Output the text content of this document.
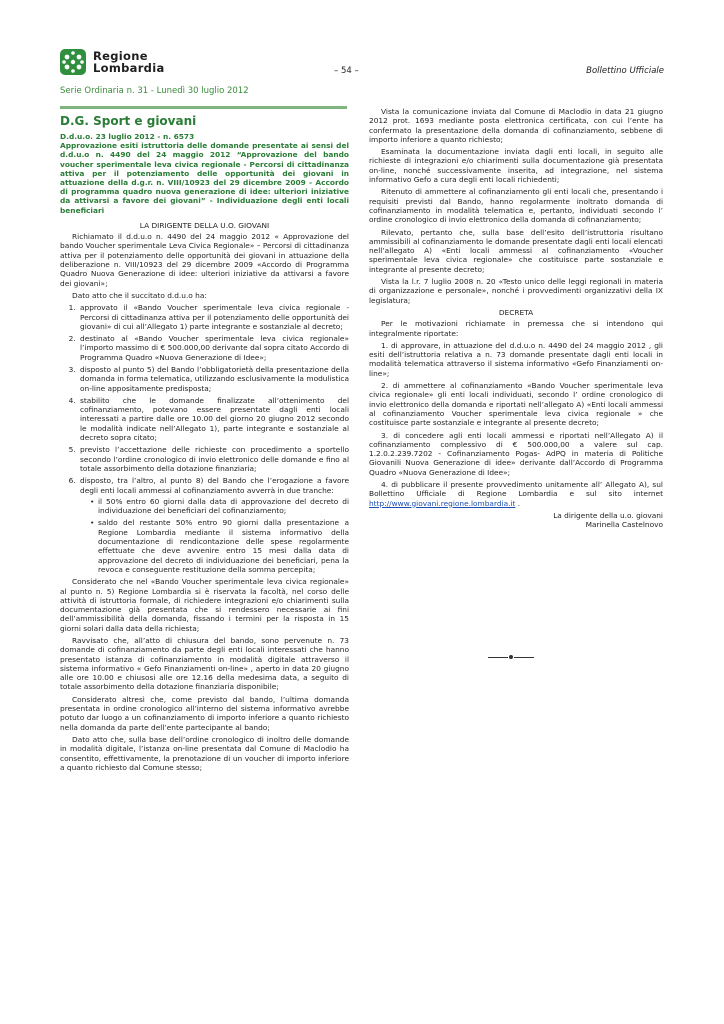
Regione
Lombardia	– 54 –	Bollettino Ufficiale
Serie Ordinaria n. 31 - Lunedì 30 luglio 2012
D.G. Sport e giovani
D.d.u.o. 23 luglio 2012 - n. 6573
Approvazione esiti istruttoria delle domande presentate ai sensi del d.d.u.o n. 4490 del 24 maggio 2012 “Approvazione del bando voucher sperimentale leva civica regionale - Percorsi di cittadinanza attiva per il potenziamento delle opportunità dei giovani in attuazione della d.g.r. n. VIII/10923 del 29 dicembre 2009 - Accordo di programma quadro nuova generazione di idee: ulteriori iniziative da attivarsi a favore dei giovani” - Individuazione degli enti locali beneficiari
LA DIRIGENTE DELLA U.O. GIOVANI

Richiamato il d.d.u.o n. 4490 del 24 maggio 2012 « Approvazione del bando Voucher sperimentale Leva Civica Regionale» – Percorsi di cittadinanza attiva per il potenziamento delle opportunità dei giovani in attuazione della deliberazione n. VIII/10923 del 29 dicembre 2009 «Accordo di Programma Quadro Nuova Generazione di idee: ulteriori iniziative da attivarsi a favore dei giovani»;

Dato atto che il succitato d.d.u.o ha:

1. approvato il «Bando Voucher sperimentale leva civica regionale - Percorsi di cittadinanza attiva per il potenziamento delle opportunità dei giovani» di cui all’Allegato 1) parte integrante e sostanziale al decreto;
2. destinato al «Bando Voucher sperimentale leva civica regionale» l’importo massimo di € 500.000,00 derivante dal sopra citato Accordo di Programma Quadro «Nuova Generazione di Idee»;
3. disposto al punto 5) del Bando l’obbligatorietà della presentazione della domanda in forma telematica, utilizzando esclusivamente la modulistica on-line appositamente predisposta;
4. stabilito che le domande finalizzate all’ottenimento del cofinanziamento, potevano essere presentate dagli enti locali interessati a partire dalle ore 10.00 del giorno 20 giugno 2012 secondo le modalità indicate nell’Allegato 1), parte integrante e sostanziale al decreto sopra citato;
5. previsto l’accettazione delle richieste con procedimento a sportello secondo l’ordine cronologico di invio elettronico delle domande e fino al totale assorbimento della dotazione finanziaria;
6. disposto, tra l’altro, al punto 8) del Bando che l’erogazione a favore degli enti locali ammessi al cofinanziamento avverrà in due tranche:
• il 50% entro 60 giorni dalla data di approvazione del decreto di individuazione dei beneficiari del cofinanziamento;
• saldo del restante 50% entro 90 giorni dalla presentazione a Regione Lombardia mediante il sistema informativo della documentazione di rendicontazione delle spese regolarmente effettuate che deve avvenire entro 15 mesi dalla data di approvazione del decreto di individuazione dei beneficiari, pena la revoca e conseguente restituzione della somma percepita;

Considerato che nel «Bando Voucher sperimentale leva civica regionale» al punto n. 5) Regione Lombardia si è riservata la facoltà, nel corso delle attività di istruttoria formale, di richiedere integrazioni e/o chiarimenti sulla documentazione già presentata che si rendessero necessarie ai fini dell’ammissibilità della domanda, fissando i termini per la risposta in 15 giorni solari dalla data della richiesta;

Ravvisato che, all’atto di chiusura del bando, sono pervenute n. 73 domande di cofinanziamento da parte degli enti locali interessati che hanno presentato istanza di cofinanziamento in modalità digitale attraverso il sistema informativo « Gefo Finanziamenti on-line» , aperto in data 20 giugno alle ore 10.00 e chiusosi alle ore 12.16 della medesima data, a seguito di totale assorbimento della dotazione finanziaria disponibile;

Considerato altresì che, come previsto dal bando, l’ultima domanda presentata in ordine cronologico all’interno del sistema informativo avrebbe potuto dar luogo a un cofinanziamento di importo inferiore a quanto richiesto nella domanda da parte dell’ente partecipante al bando;

Dato atto che, sulla base dell’ordine cronologico di inoltro delle domande in modalità digitale, l’istanza on-line presentata dal Comune di Maclodio ha consentito, effettivamente, la prenotazione di un voucher di importo inferiore a quanto richiesto dal Comune stesso;

Vista la comunicazione inviata dal Comune di Maclodio in data 21 giugno 2012 prot. 1693 mediante posta elettronica certificata, con cui l’ente ha confermato la presentazione della domanda di cofinanziamento, sebbene di importo inferiore a quanto richiesto;

Esaminata la documentazione inviata dagli enti locali, in seguito alle richieste di integrazioni e/o chiarimenti sulla documentazione già presentata on-line, nonché successivamente inserita, ad integrazione, nel sistema informativo Gefo a cura degli enti locali richiedenti;

Ritenuto di ammettere al cofinanziamento gli enti locali che, presentando i requisiti previsti dal Bando, hanno regolarmente inoltrato domanda di cofinanziamento in modalità telematica e, pertanto, individuati secondo l’ ordine cronologico di invio elettronico della domanda di cofinanziamento;

Rilevato, pertanto che, sulla base dell’esito dell’istruttoria risultano ammissibili al cofinanziamento le domande presentate dagli enti locali elencati nell’allegato A) «Enti locali ammessi al cofinanziamento «Voucher sperimentale leva civica regionale» che costituisce parte sostanziale e integrante al presente decreto;

Vista la l.r. 7 luglio 2008 n. 20 «Testo unico delle leggi regionali in materia di organizzazione e personale», nonché i provvedimenti organizzativi della IX legislatura;

DECRETA

Per le motivazioni richiamate in premessa che si intendono qui integralmente riportate:

1. di approvare, in attuazione del d.d.u.o n. 4490 del 24 maggio 2012 , gli esiti dell’istruttoria relativa a n. 73 domande presentate dagli enti locali in modalità telematica attraverso il sistema informativo «Gefo Finanziamenti on-line»;

2. di ammettere al cofinanziamento «Bando Voucher sperimentale leva civica regionale» gli enti locali individuati, secondo l’ ordine cronologico di invio elettronico della domanda e riportati nell’allegato A) «Enti locali ammessi al cofinanziamento Voucher sperimentale leva civica regionale » che costituisce parte sostanziale e integrante al presente decreto;

3. di concedere agli enti locali ammessi e riportati nell’Allegato A) il cofinanziamento complessivo di € 500.000,00 a valere sul cap. 1.2.0.2.239.7202 - Cofinanziamento Pogas- AdPQ in materia di Politiche Giovanili Nuova Generazione di idee» derivante dall’Accordo di Programma Quadro «Nuova Generazione di Idee»;

4. di pubblicare il presente provvedimento unitamente all’ Allegato A), sul Bollettino Ufficiale di Regione Lombardia e sul sito internet http://www.giovani.regione.lombardia.it .

La dirigente della u.o. giovani

Marinella Castelnovo
